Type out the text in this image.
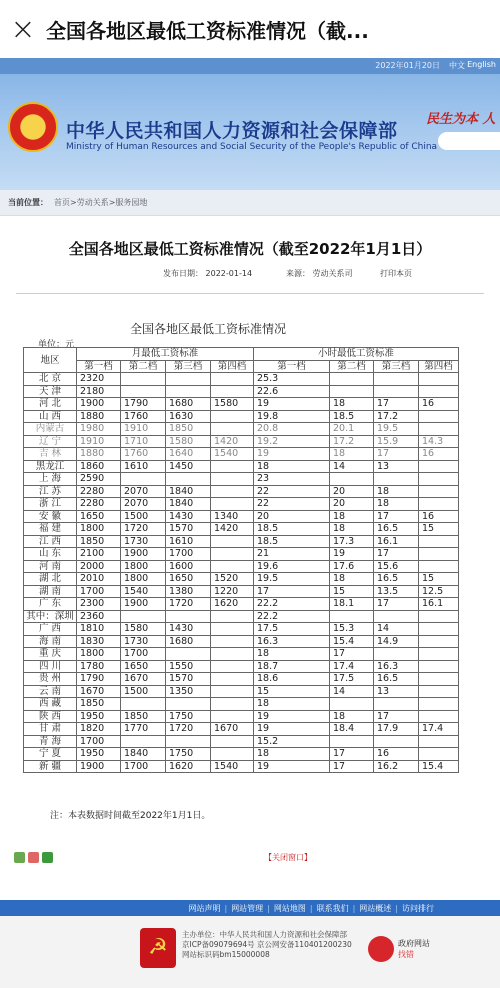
× 全国各地区最低工资标准情况（截...
2022年01月20日 中文 English
中华人民共和国人力资源和社会保障部
Ministry of Human Resources and Social Security of the People's Republic of China
民生为本 人
当前位置： 首页>劳动关系>服务园地
全国各地区最低工资标准情况（截至2022年1月1日）
发布日期： 2022-01-14	来源： 劳动关系司	打印本页
全国各地区最低工资标准情况
单位：元
地区	月最低工资标准				小时最低工资标准			
	第一档	第二档	第三档	第四档	第一档	第二档	第三档	第四档
北 京	2320				25.3			
天 津	2180				22.6			
河 北	1900	1790	1680	1580	19	18	17	16
山 西	1880	1760	1630		19.8	18.5	17.2	
内蒙古	1980	1910	1850		20.8	20.1	19.5	
辽 宁	1910	1710	1580	1420	19.2	17.2	15.9	14.3
吉 林	1880	1760	1640	1540	19	18	17	16
黑龙江	1860	1610	1450		18	14	13	
上 海	2590				23			
江 苏	2280	2070	1840		22	20	18	
浙 江	2280	2070	1840		22	20	18	
安 徽	1650	1500	1430	1340	20	18	17	16
福 建	1800	1720	1570	1420	18.5	18	16.5	15
江 西	1850	1730	1610		18.5	17.3	16.1	
山 东	2100	1900	1700		21	19	17	
河 南	2000	1800	1600		19.6	17.6	15.6	
湖 北	2010	1800	1650	1520	19.5	18	16.5	15
湖 南	1700	1540	1380	1220	17	15	13.5	12.5
广 东	2300	1900	1720	1620	22.2	18.1	17	16.1
其中：深圳	2360				22.2			
广 西	1810	1580	1430		17.5	15.3	14	
海 南	1830	1730	1680		16.3	15.4	14.9	
重 庆	1800	1700			18	17		
四 川	1780	1650	1550		18.7	17.4	16.3	
贵 州	1790	1670	1570		18.6	17.5	16.5	
云 南	1670	1500	1350		15	14	13	
西 藏	1850				18			
陕 西	1950	1850	1750		19	18	17	
甘 肃	1820	1770	1720	1670	19	18.4	17.9	17.4
青 海	1700				15.2			
宁 夏	1950	1840	1750		18	17	16	
新 疆	1900	1700	1620	1540	19	17	16.2	15.4
注：本表数据时间截至2022年1月1日。
【关闭窗口】
网站声明 | 网站管理 | 网站地图 | 联系我们 | 网站概述 | 访问排行
☭
主办单位：中华人民共和国人力资源和社会保障部
京ICP备09079694号 京公网安备110401200230
网站标识码bm15000008
政府网站
找错
